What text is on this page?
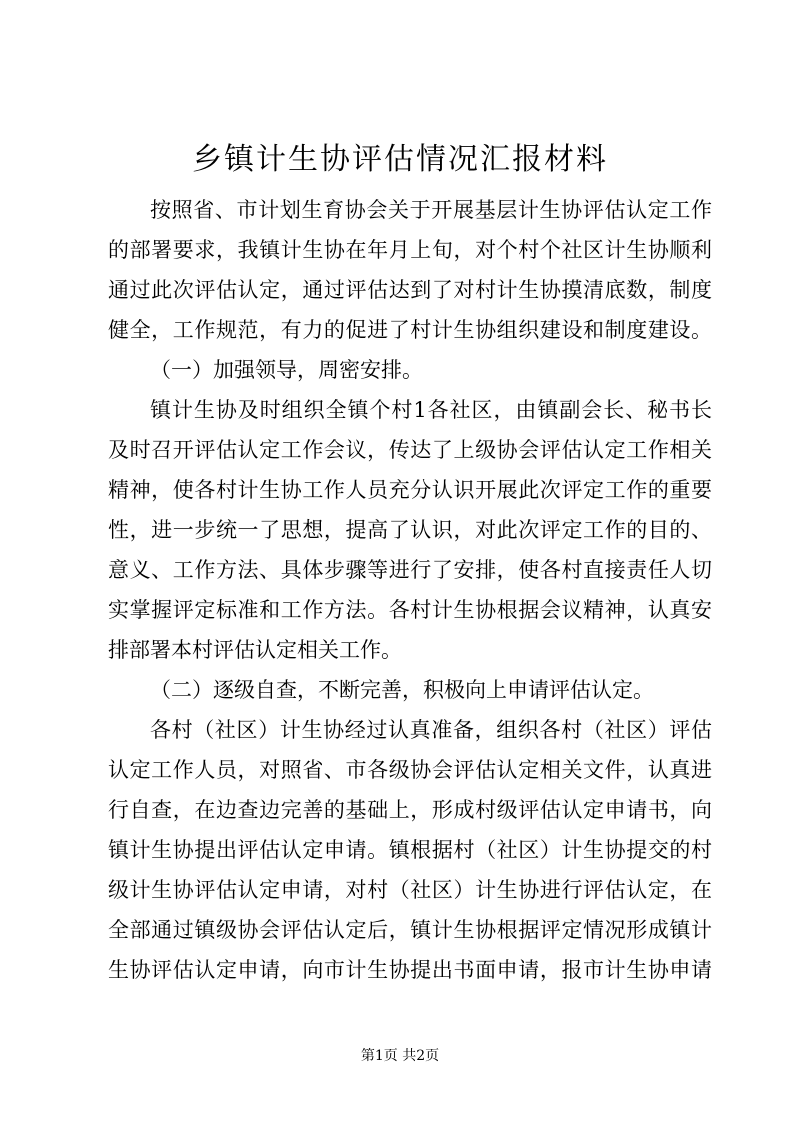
乡镇计生协评估情况汇报材料
按照省、市计划生育协会关于开展基层计生协评估认定工作
的部署要求，我镇计生协在年月上旬，对个村个社区计生协顺利
通过此次评估认定，通过评估达到了对村计生协摸清底数，制度
健全，工作规范，有力的促进了村计生协组织建设和制度建设。
（一）加强领导，周密安排。
镇计生协及时组织全镇个村1各社区，由镇副会长、秘书长
及时召开评估认定工作会议，传达了上级协会评估认定工作相关
精神，使各村计生协工作人员充分认识开展此次评定工作的重要
性，进一步统一了思想，提高了认识，对此次评定工作的目的、
意义、工作方法、具体步骤等进行了安排，使各村直接责任人切
实掌握评定标准和工作方法。各村计生协根据会议精神，认真安
排部署本村评估认定相关工作。
（二）逐级自查，不断完善，积极向上申请评估认定。
各村（社区）计生协经过认真准备，组织各村（社区）评估
认定工作人员，对照省、市各级协会评估认定相关文件，认真进
行自查，在边查边完善的基础上，形成村级评估认定申请书，向
镇计生协提出评估认定申请。镇根据村（社区）计生协提交的村
级计生协评估认定申请，对村（社区）计生协进行评估认定，在
全部通过镇级协会评估认定后，镇计生协根据评定情况形成镇计
生协评估认定申请，向市计生协提出书面申请，报市计生协申请
第1页 共2页
